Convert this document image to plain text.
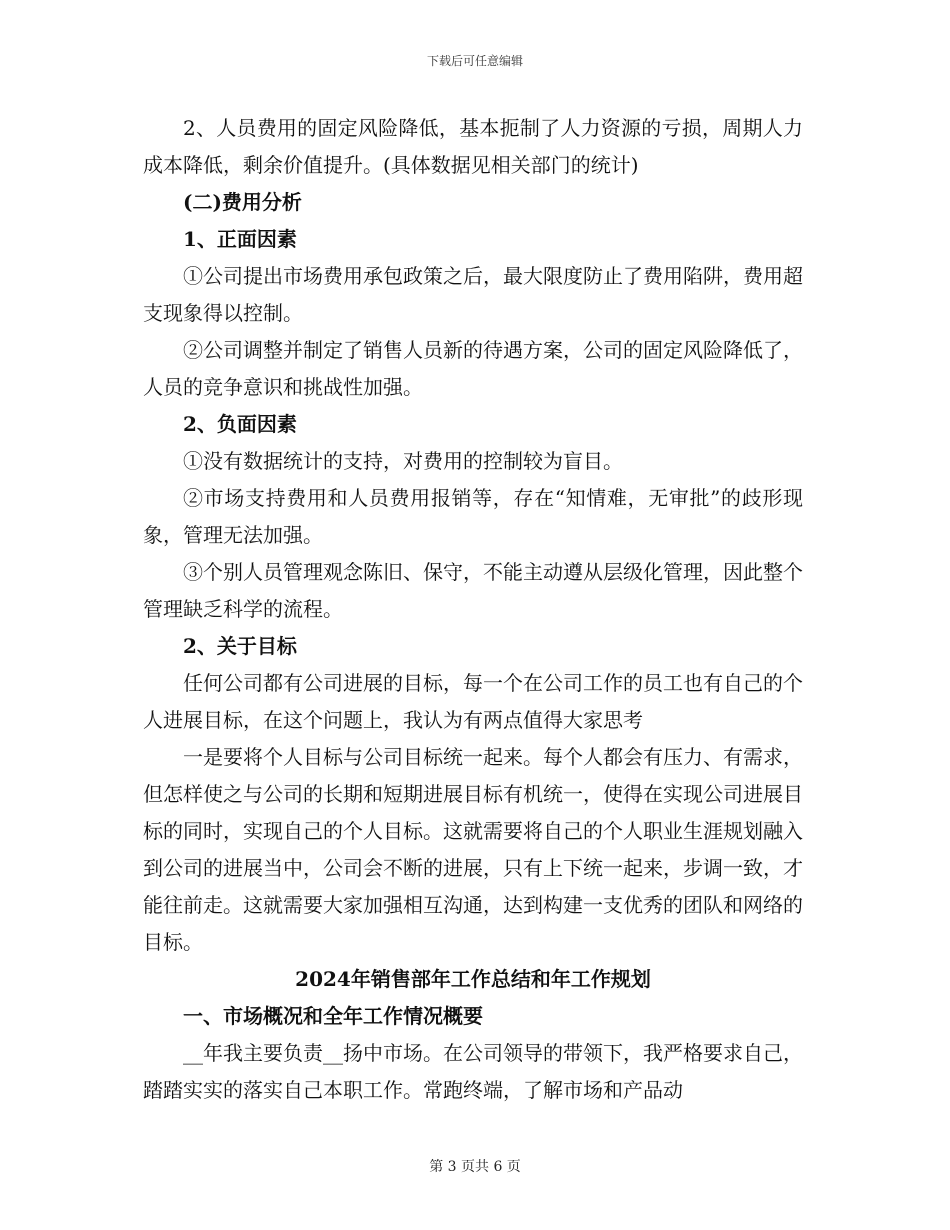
下载后可任意编辑

2、人员费用的固定风险降低，基本扼制了人力资源的亏损，周期人力成本降低，剩余价值提升。(具体数据见相关部门的统计)

(二)费用分析

1、正面因素

①公司提出市场费用承包政策之后，最大限度防止了费用陷阱，费用超支现象得以控制。

②公司调整并制定了销售人员新的待遇方案，公司的固定风险降低了，人员的竞争意识和挑战性加强。

2、负面因素

①没有数据统计的支持，对费用的控制较为盲目。

②市场支持费用和人员费用报销等，存在“知情难，无审批”的歧形现象，管理无法加强。

③个别人员管理观念陈旧、保守，不能主动遵从层级化管理，因此整个管理缺乏科学的流程。

2、关于目标

任何公司都有公司进展的目标，每一个在公司工作的员工也有自己的个人进展目标，在这个问题上，我认为有两点值得大家思考

一是要将个人目标与公司目标统一起来。每个人都会有压力、有需求，但怎样使之与公司的长期和短期进展目标有机统一，使得在实现公司进展目标的同时，实现自己的个人目标。这就需要将自己的个人职业生涯规划融入到公司的进展当中，公司会不断的进展，只有上下统一起来，步调一致，才能往前走。这就需要大家加强相互沟通，达到构建一支优秀的团队和网络的目标。

2024年销售部年工作总结和年工作规划

一、市场概况和全年工作情况概要

__年我主要负责__扬中市场。在公司领导的带领下，我严格要求自己，踏踏实实的落实自己本职工作。常跑终端，了解市场和产品动

第 3 页共 6 页
